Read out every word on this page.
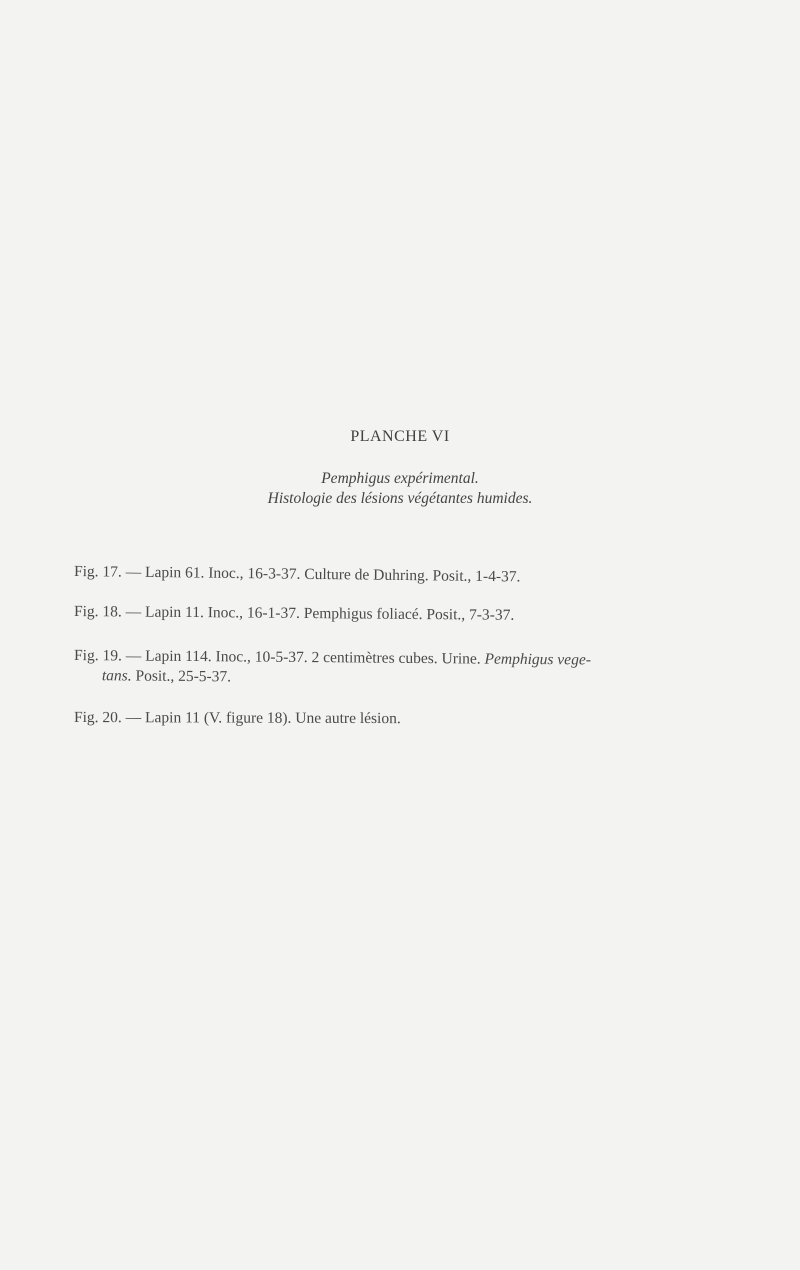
PLANCHE VI
Pemphigus expérimental.
Histologie des lésions végétantes humides.
Fig. 17. — Lapin 61. Inoc., 16-3-37. Culture de Duhring. Posit., 1-4-37.
Fig. 18. — Lapin 11. Inoc., 16-1-37. Pemphigus foliacé. Posit., 7-3-37.
Fig. 19. — Lapin 114. Inoc., 10-5-37. 2 centimètres cubes. Urine. Pemphigus vege-
tans. Posit., 25-5-37.
Fig. 20. — Lapin 11 (V. figure 18). Une autre lésion.
